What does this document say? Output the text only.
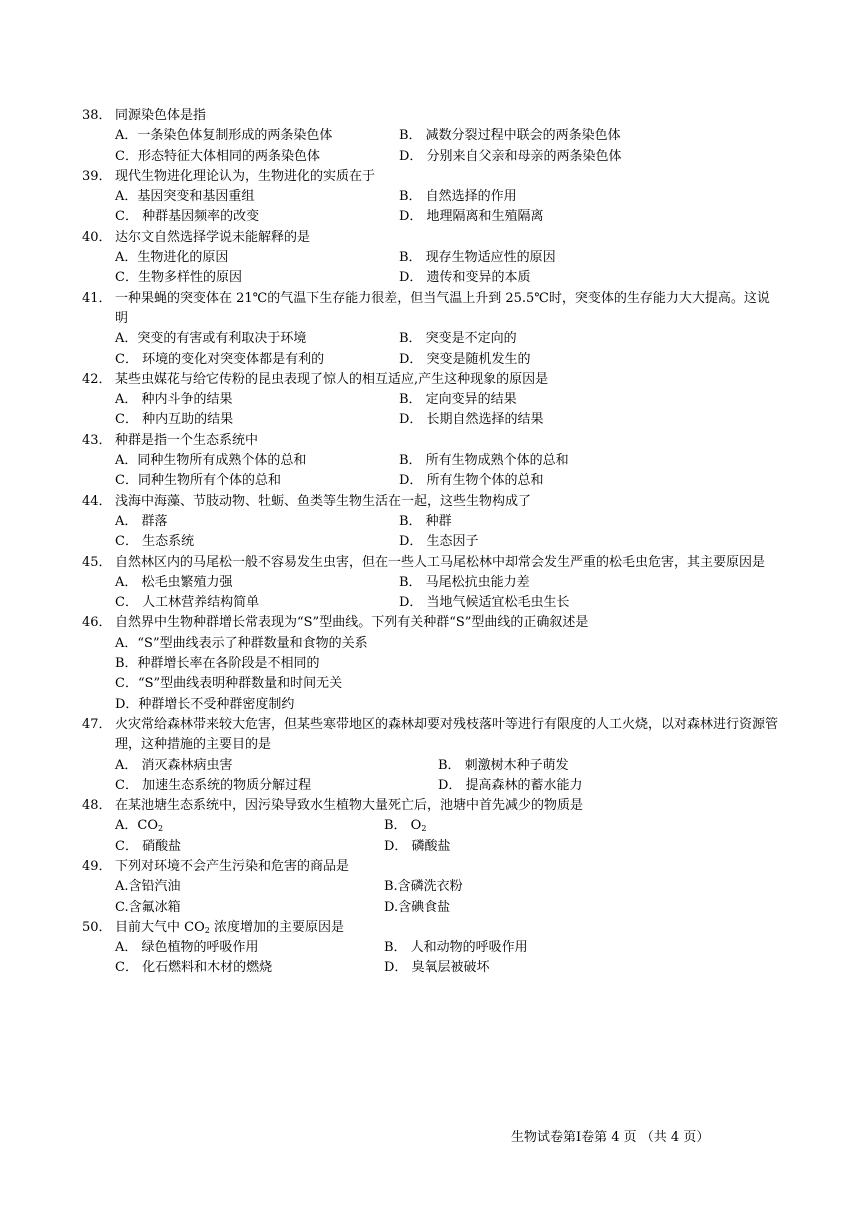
38． 同源染色体是指
A．一条染色体复制形成的两条染色体	B． 减数分裂过程中联会的两条染色体
C．形态特征大体相同的两条染色体	D． 分别来自父亲和母亲的两条染色体
39． 现代生物进化理论认为，生物进化的实质在于
A．基因突变和基因重组	B． 自然选择的作用
C． 种群基因频率的改变	D． 地理隔离和生殖隔离
40． 达尔文自然选择学说未能解释的是
A．生物进化的原因	B． 现存生物适应性的原因
C．生物多样性的原因	D． 遗传和变异的本质
41． 一种果蝇的突变体在 21℃的气温下生存能力很差，但当气温上升到 25.5℃时，突变体的生存能力大大提高。这说明
A．突变的有害或有利取决于环境	B． 突变是不定向的
C． 环境的变化对突变体都是有利的	D． 突变是随机发生的
42． 某些虫媒花与给它传粉的昆虫表现了惊人的相互适应,产生这种现象的原因是
A． 种内斗争的结果	B． 定向变异的结果
C． 种内互助的结果	D． 长期自然选择的结果
43． 种群是指一个生态系统中
A．同种生物所有成熟个体的总和	B． 所有生物成熟个体的总和
C．同种生物所有个体的总和	D． 所有生物个体的总和
44． 浅海中海藻、节肢动物、牡蛎、鱼类等生物生活在一起，这些生物构成了
A． 群落	B． 种群
C． 生态系统	D． 生态因子
45． 自然林区内的马尾松一般不容易发生虫害，但在一些人工马尾松林中却常会发生严重的松毛虫危害，其主要原因是
A． 松毛虫繁殖力强	B． 马尾松抗虫能力差
C． 人工林营养结构简单	D． 当地气候适宜松毛虫生长
46． 自然界中生物种群增长常表现为“S”型曲线。下列有关种群“S”型曲线的正确叙述是
A．“S”型曲线表示了种群数量和食物的关系
B．种群增长率在各阶段是不相同的
C．“S”型曲线表明种群数量和时间无关
D．种群增长不受种群密度制约
47． 火灾常给森林带来较大危害，但某些寒带地区的森林却要对残枝落叶等进行有限度的人工火烧，以对森林进行资源管理，这种措施的主要目的是
A． 消灭森林病虫害	B． 刺激树木种子萌发
C． 加速生态系统的物质分解过程	D． 提高森林的蓄水能力
48． 在某池塘生态系统中，因污染导致水生植物大量死亡后，池塘中首先减少的物质是
A．$CO_2$	B． $O_2$
C． 硝酸盐	D． 磷酸盐
49． 下列对环境不会产生污染和危害的商品是
A.含铅汽油	B.含磷洗衣粉
C.含氟冰箱	D.含碘食盐
50． 目前大气中 $CO_2$ 浓度增加的主要原因是
A． 绿色植物的呼吸作用	B． 人和动物的呼吸作用
C． 化石燃料和木材的燃烧	D． 臭氧层被破坏
生物试卷第Ⅰ卷第 4 页 （共 4 页）
